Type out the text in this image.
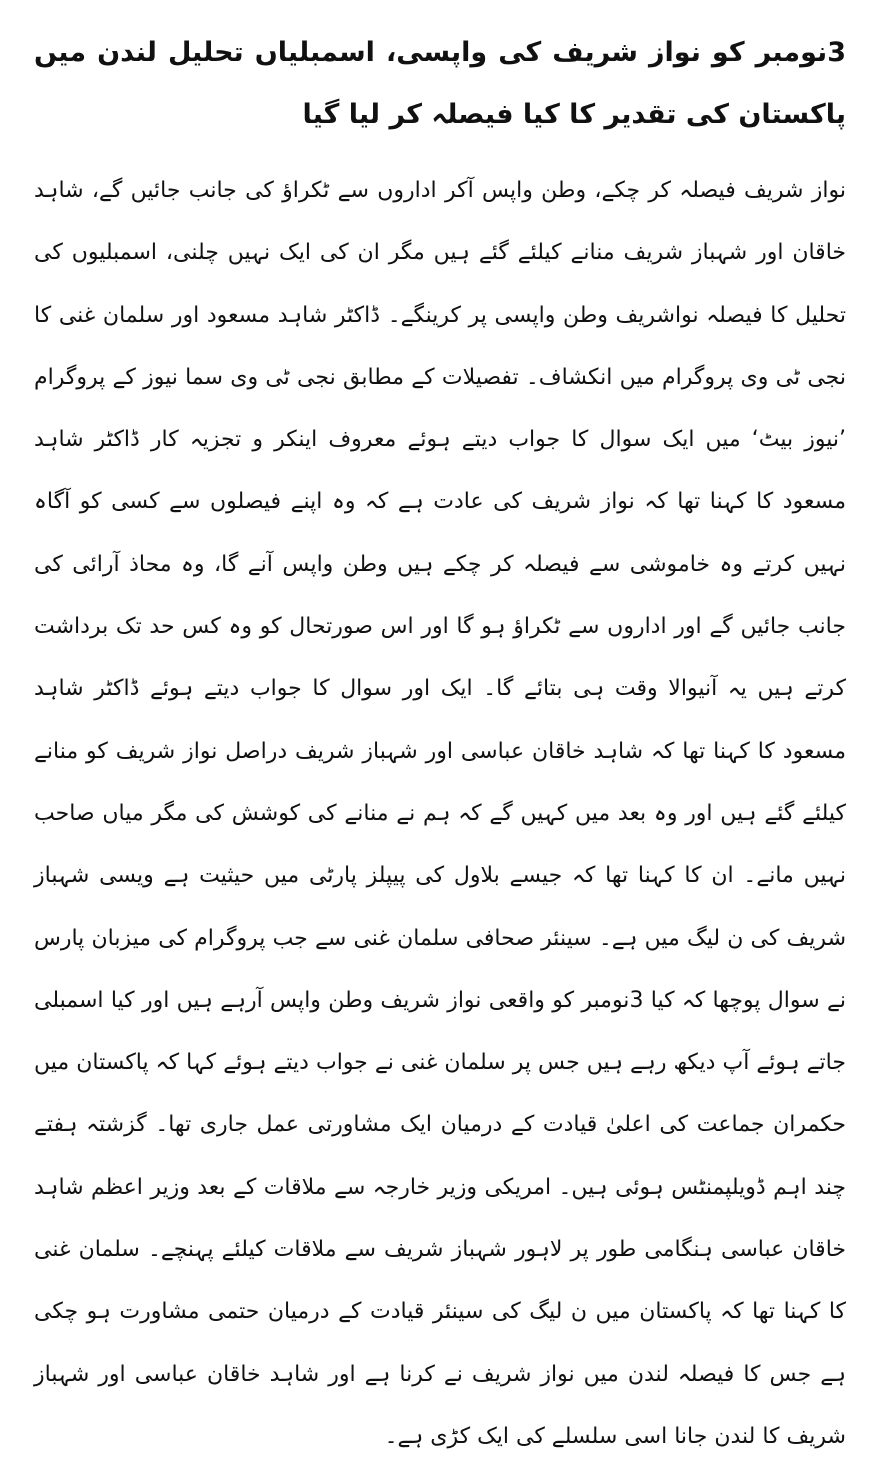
3نومبر کو نواز شریف کی واپسی، اسمبلیاں تحلیل لندن میں پاکستان کی تقدیر کا کیا فیصلہ کر لیا گیا

نواز شریف فیصلہ کر چکے، وطن واپس آکر اداروں سے ٹکراؤ کی جانب جائیں گے، شاہد خاقان اور شہباز شریف منانے کیلئے گئے ہیں مگر ان کی ایک نہیں چلنی، اسمبلیوں کی تحلیل کا فیصلہ نواشریف وطن واپسی پر کرینگے۔ ڈاکٹر شاہد مسعود اور سلمان غنی کا نجی ٹی وی پروگرام میں انکشاف۔ تفصیلات کے مطابق نجی ٹی وی سما نیوز کے پروگرام ’نیوز بیٹ‘ میں ایک سوال کا جواب دیتے ہوئے معروف اینکر و تجزیہ کار ڈاکٹر شاہد مسعود کا کہنا تھا کہ نواز شریف کی عادت ہے کہ وہ اپنے فیصلوں سے کسی کو آگاہ نہیں کرتے وہ خاموشی سے فیصلہ کر چکے ہیں وطن واپس آنے گا، وہ محاذ آرائی کی جانب جائیں گے اور اداروں سے ٹکراؤ ہو گا اور اس صورتحال کو وہ کس حد تک برداشت کرتے ہیں یہ آنیوالا وقت ہی بتائے گا۔ ایک اور سوال کا جواب دیتے ہوئے ڈاکٹر شاہد مسعود کا کہنا تھا کہ شاہد خاقان عباسی اور شہباز شریف دراصل نواز شریف کو منانے کیلئے گئے ہیں اور وہ بعد میں کہیں گے کہ ہم نے منانے کی کوشش کی مگر میاں صاحب نہیں مانے۔ ان کا کہنا تھا کہ جیسے بلاول کی پیپلز پارٹی میں حیثیت ہے ویسی شہباز شریف کی ن لیگ میں ہے۔ سینئر صحافی سلمان غنی سے جب پروگرام کی میزبان پارس نے سوال پوچھا کہ کیا 3نومبر کو واقعی نواز شریف وطن واپس آرہے ہیں اور کیا اسمبلی جاتے ہوئے آپ دیکھ رہے ہیں جس پر سلمان غنی نے جواب دیتے ہوئے کہا کہ پاکستان میں حکمران جماعت کی اعلیٰ قیادت کے درمیان ایک مشاورتی عمل جاری تھا۔ گزشتہ ہفتے چند اہم ڈویلپمنٹس ہوئی ہیں۔ امریکی وزیر خارجہ سے ملاقات کے بعد وزیر اعظم شاہد خاقان عباسی ہنگامی طور پر لاہور شہباز شریف سے ملاقات کیلئے پہنچے۔ سلمان غنی کا کہنا تھا کہ پاکستان میں ن لیگ کی سینئر قیادت کے درمیان حتمی مشاورت ہو چکی ہے جس کا فیصلہ لندن میں نواز شریف نے کرنا ہے اور شاہد خاقان عباسی اور شہباز شریف کا لندن جانا اسی سلسلے کی ایک کڑی ہے۔
